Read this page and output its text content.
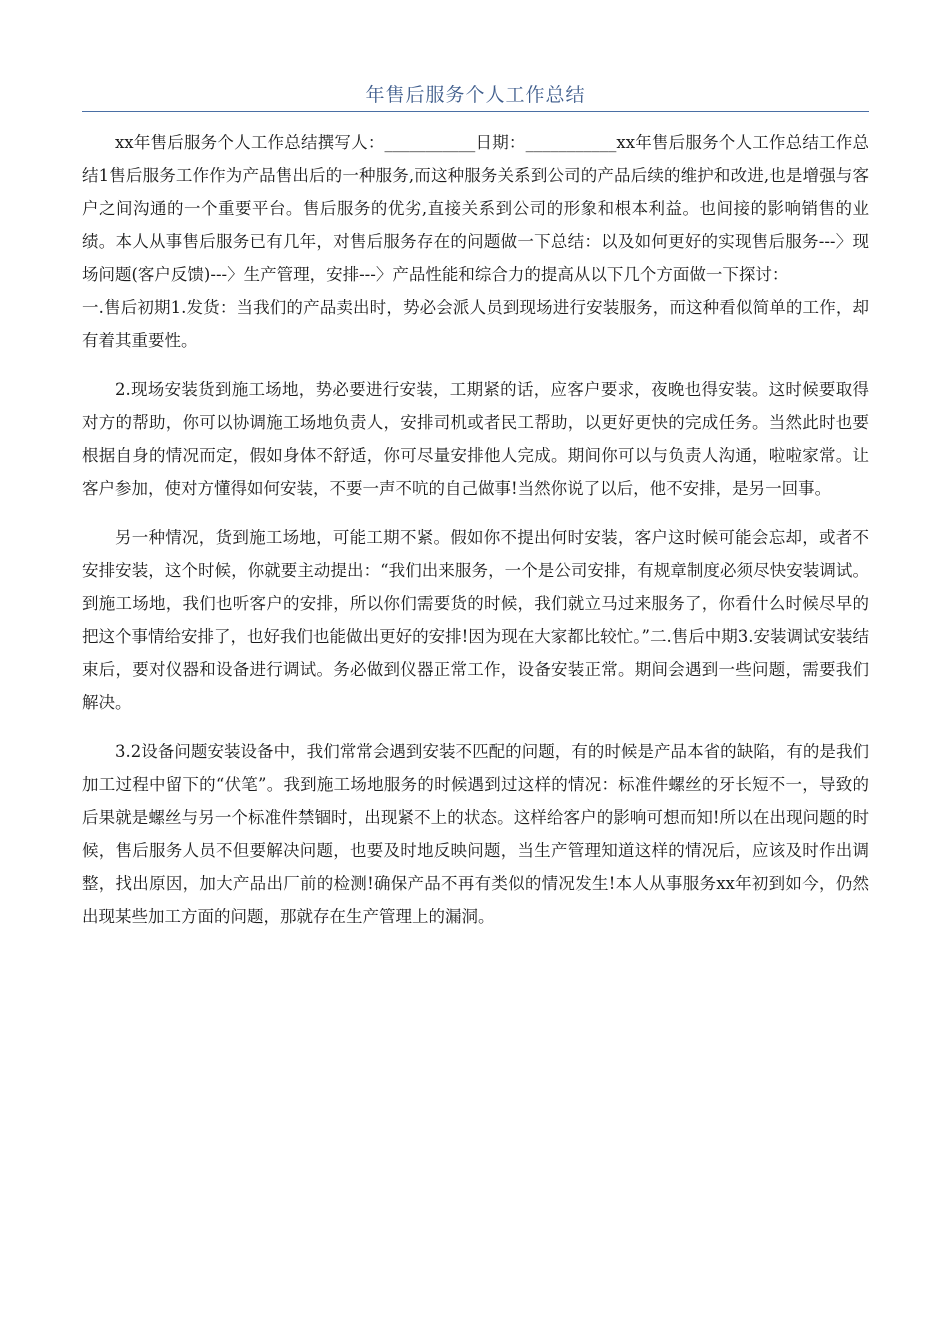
年售后服务个人工作总结

xx年售后服务个人工作总结撰写人：___________日期：___________xx年售后服务个人工作总结工作总结1售后服务工作作为产品售出后的一种服务,而这种服务关系到公司的产品后续的维护和改进,也是增强与客户之间沟通的一个重要平台。售后服务的优劣,直接关系到公司的形象和根本利益。也间接的影响销售的业绩。本人从事售后服务已有几年，对售后服务存在的问题做一下总结：以及如何更好的实现售后服务---〉现场问题(客户反馈)---〉生产管理，安排---〉产品性能和综合力的提高从以下几个方面做一下探讨：

一.售后初期1.发货：当我们的产品卖出时，势必会派人员到现场进行安装服务，而这种看似简单的工作，却有着其重要性。

2.现场安装货到施工场地，势必要进行安装，工期紧的话，应客户要求，夜晚也得安装。这时候要取得对方的帮助，你可以协调施工场地负责人，安排司机或者民工帮助，以更好更快的完成任务。当然此时也要根据自身的情况而定，假如身体不舒适，你可尽量安排他人完成。期间你可以与负责人沟通，啦啦家常。让客户参加，使对方懂得如何安装，不要一声不吭的自己做事!当然你说了以后，他不安排，是另一回事。

另一种情况，货到施工场地，可能工期不紧。假如你不提出何时安装，客户这时候可能会忘却，或者不安排安装，这个时候，你就要主动提出：“我们出来服务，一个是公司安排，有规章制度必须尽快安装调试。到施工场地，我们也听客户的安排，所以你们需要货的时候，我们就立马过来服务了，你看什么时候尽早的把这个事情给安排了，也好我们也能做出更好的安排!因为现在大家都比较忙。”二.售后中期3.安装调试安装结束后，要对仪器和设备进行调试。务必做到仪器正常工作，设备安装正常。期间会遇到一些问题，需要我们解决。

3.2设备问题安装设备中，我们常常会遇到安装不匹配的问题，有的时候是产品本省的缺陷，有的是我们加工过程中留下的“伏笔”。我到施工场地服务的时候遇到过这样的情况：标准件螺丝的牙长短不一，导致的后果就是螺丝与另一个标准件禁锢时，出现紧不上的状态。这样给客户的影响可想而知!所以在出现问题的时候，售后服务人员不但要解决问题，也要及时地反映问题，当生产管理知道这样的情况后，应该及时作出调整，找出原因，加大产品出厂前的检测!确保产品不再有类似的情况发生!本人从事服务xx年初到如今，仍然出现某些加工方面的问题，那就存在生产管理上的漏洞。
